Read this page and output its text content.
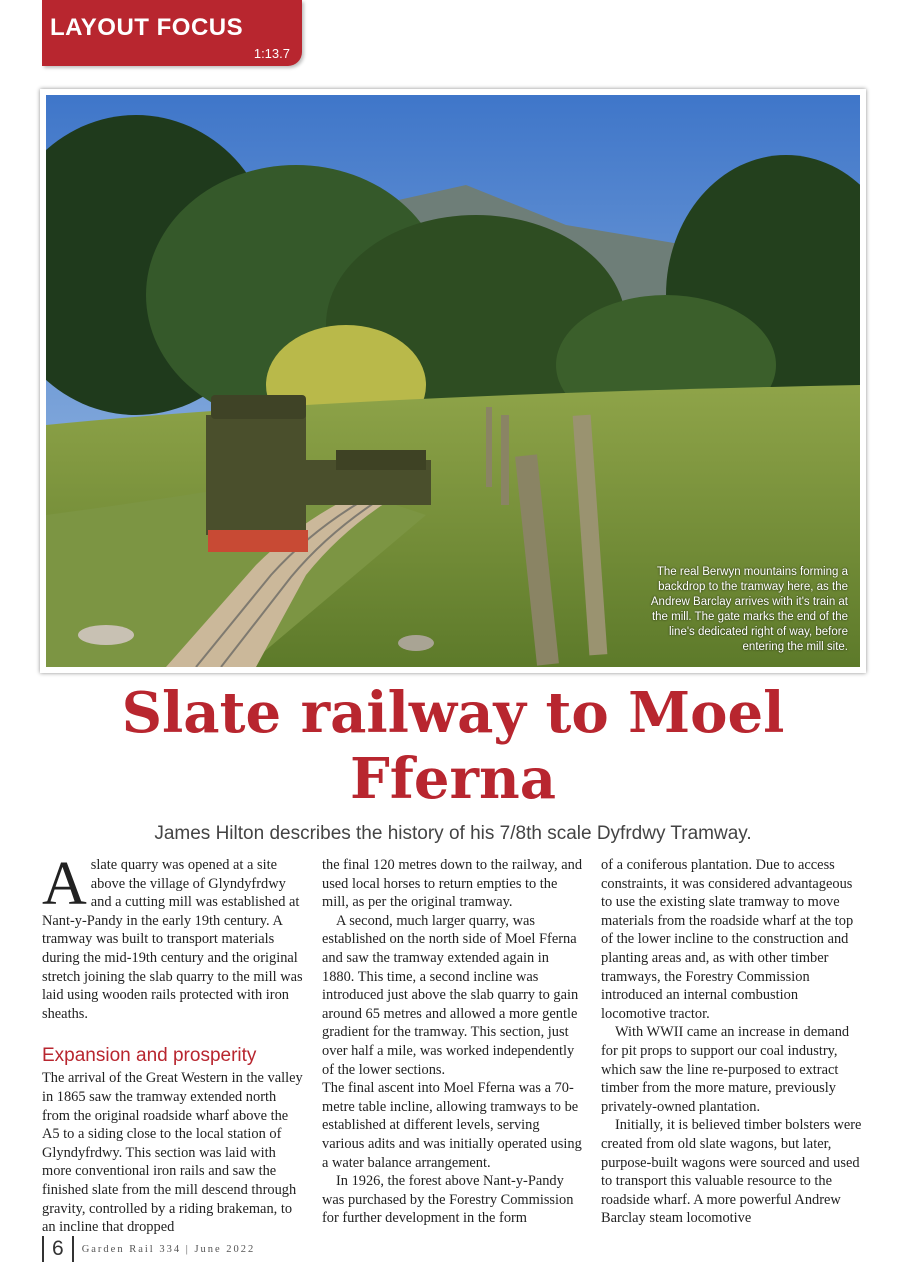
LAYOUT FOCUS
1:13.7
The real Berwyn mountains forming a backdrop to the tramway here, as the Andrew Barclay arrives with it's train at the mill. The gate marks the end of the line's dedicated right of way, before entering the mill site.
Slate railway to Moel Fferna

James Hilton describes the history of his 7/8th scale Dyfrdwy Tramway.

Aslate quarry was opened at a site above the village of Glyndyfrdwy and a cutting mill was established at Nant-y-Pandy in the early 19th century. A tramway was built to transport materials during the mid-19th century and the original stretch joining the slab quarry to the mill was laid using wooden rails protected with iron sheaths.

Expansion and prosperity

The arrival of the Great Western in the valley in 1865 saw the tramway extended north from the original roadside wharf above the A5 to a siding close to the local station of Glyndyfrdwy. This section was laid with more conventional iron rails and saw the finished slate from the mill descend through gravity, controlled by a riding brakeman, to an incline that dropped

the final 120 metres down to the railway, and used local horses to return empties to the mill, as per the original tramway.

A second, much larger quarry, was established on the north side of Moel Fferna and saw the tramway extended again in 1880. This time, a second incline was introduced just above the slab quarry to gain around 65 metres and allowed a more gentle gradient for the tramway. This section, just over half a mile, was worked independently of the lower sections.

The final ascent into Moel Fferna was a 70-metre table incline, allowing tramways to be established at different levels, serving various adits and was initially operated using a water balance arrangement.

In 1926, the forest above Nant-y-Pandy was purchased by the Forestry Commission for further development in the form

of a coniferous plantation. Due to access constraints, it was considered advantageous to use the existing slate tramway to move materials from the roadside wharf at the top of the lower incline to the construction and planting areas and, as with other timber tramways, the Forestry Commission introduced an internal combustion locomotive tractor.

With WWII came an increase in demand for pit props to support our coal industry, which saw the line re-purposed to extract timber from the more mature, previously privately-owned plantation.

Initially, it is believed timber bolsters were created from old slate wagons, but later, purpose-built wagons were sourced and used to transport this valuable resource to the roadside wharf. A more powerful Andrew Barclay steam locomotive

6 Garden Rail 334 | June 2022
